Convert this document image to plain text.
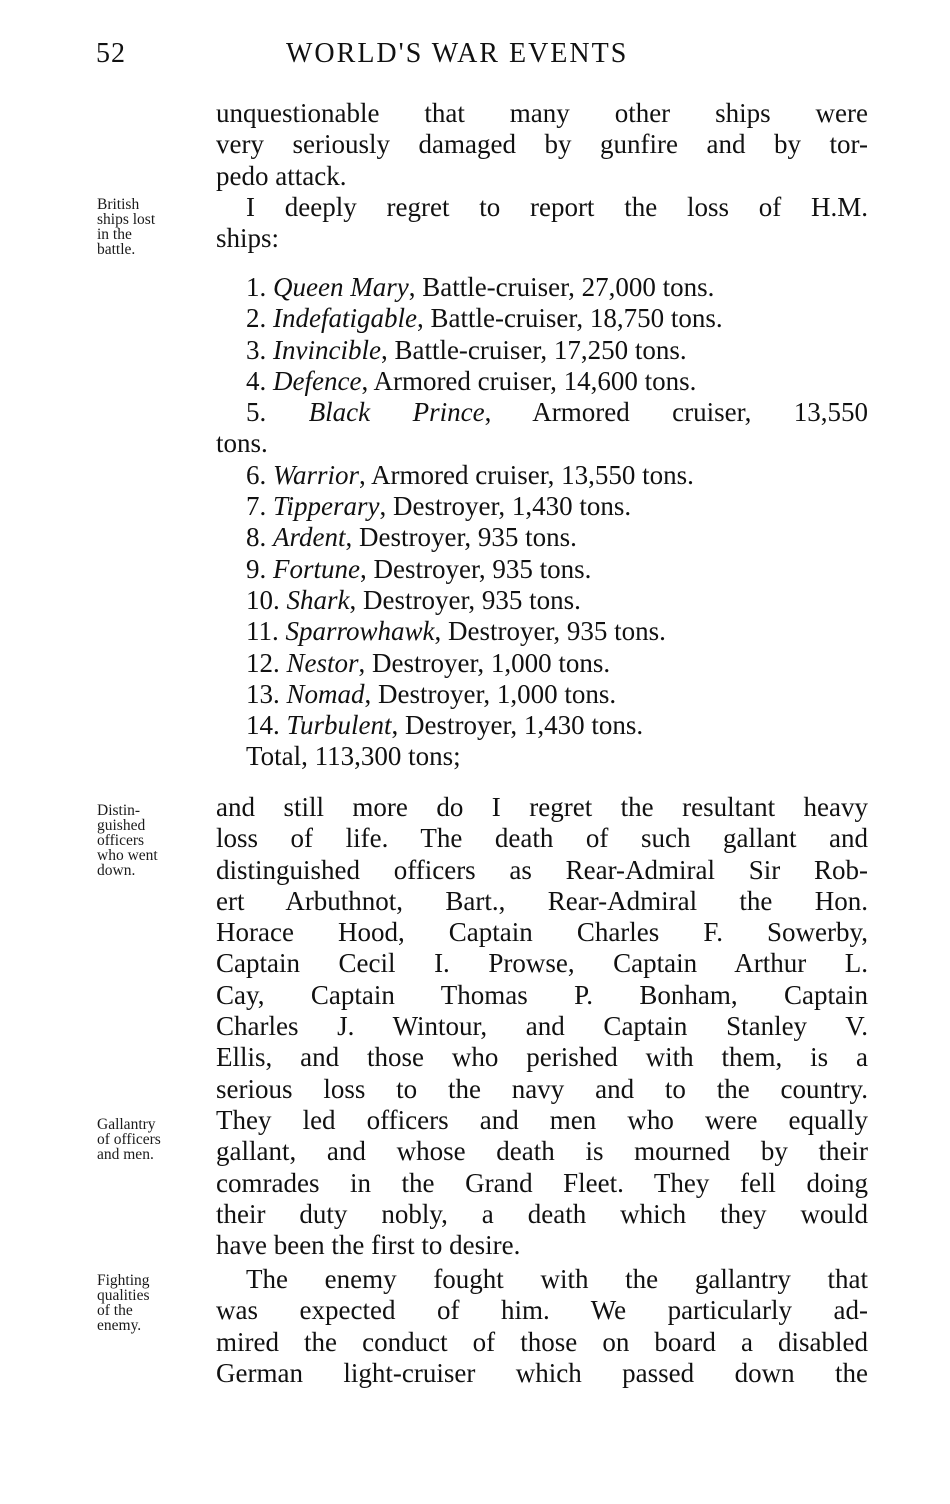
52	WORLD'S WAR EVENTS
British
ships lost
in the
battle.
Distin-
guished
officers
who went
down.
Gallantry
of officers
and men.
Fighting
qualities
of the
enemy.
unquestionable that many other ships were
very seriously damaged by gunfire and by tor-
pedo attack.
I deeply regret to report the loss of H.M.
ships:
1. Queen Mary, Battle-cruiser, 27,000 tons.
2. Indefatigable, Battle-cruiser, 18,750 tons.
3. Invincible, Battle-cruiser, 17,250 tons.
4. Defence, Armored cruiser, 14,600 tons.
5. Black Prince, Armored cruiser, 13,550
tons.
6. Warrior, Armored cruiser, 13,550 tons.
7. Tipperary, Destroyer, 1,430 tons.
8. Ardent, Destroyer, 935 tons.
9. Fortune, Destroyer, 935 tons.
10. Shark, Destroyer, 935 tons.
11. Sparrowhawk, Destroyer, 935 tons.
12. Nestor, Destroyer, 1,000 tons.
13. Nomad, Destroyer, 1,000 tons.
14. Turbulent, Destroyer, 1,430 tons.
Total, 113,300 tons;
and still more do I regret the resultant heavy
loss of life. The death of such gallant and
distinguished officers as Rear-Admiral Sir Rob-
ert Arbuthnot, Bart., Rear-Admiral the Hon.
Horace Hood, Captain Charles F. Sowerby,
Captain Cecil I. Prowse, Captain Arthur L.
Cay, Captain Thomas P. Bonham, Captain
Charles J. Wintour, and Captain Stanley V.
Ellis, and those who perished with them, is a
serious loss to the navy and to the country.
They led officers and men who were equally
gallant, and whose death is mourned by their
comrades in the Grand Fleet. They fell doing
their duty nobly, a death which they would
have been the first to desire.
The enemy fought with the gallantry that
was expected of him. We particularly ad-
mired the conduct of those on board a disabled
German light-cruiser which passed down the
